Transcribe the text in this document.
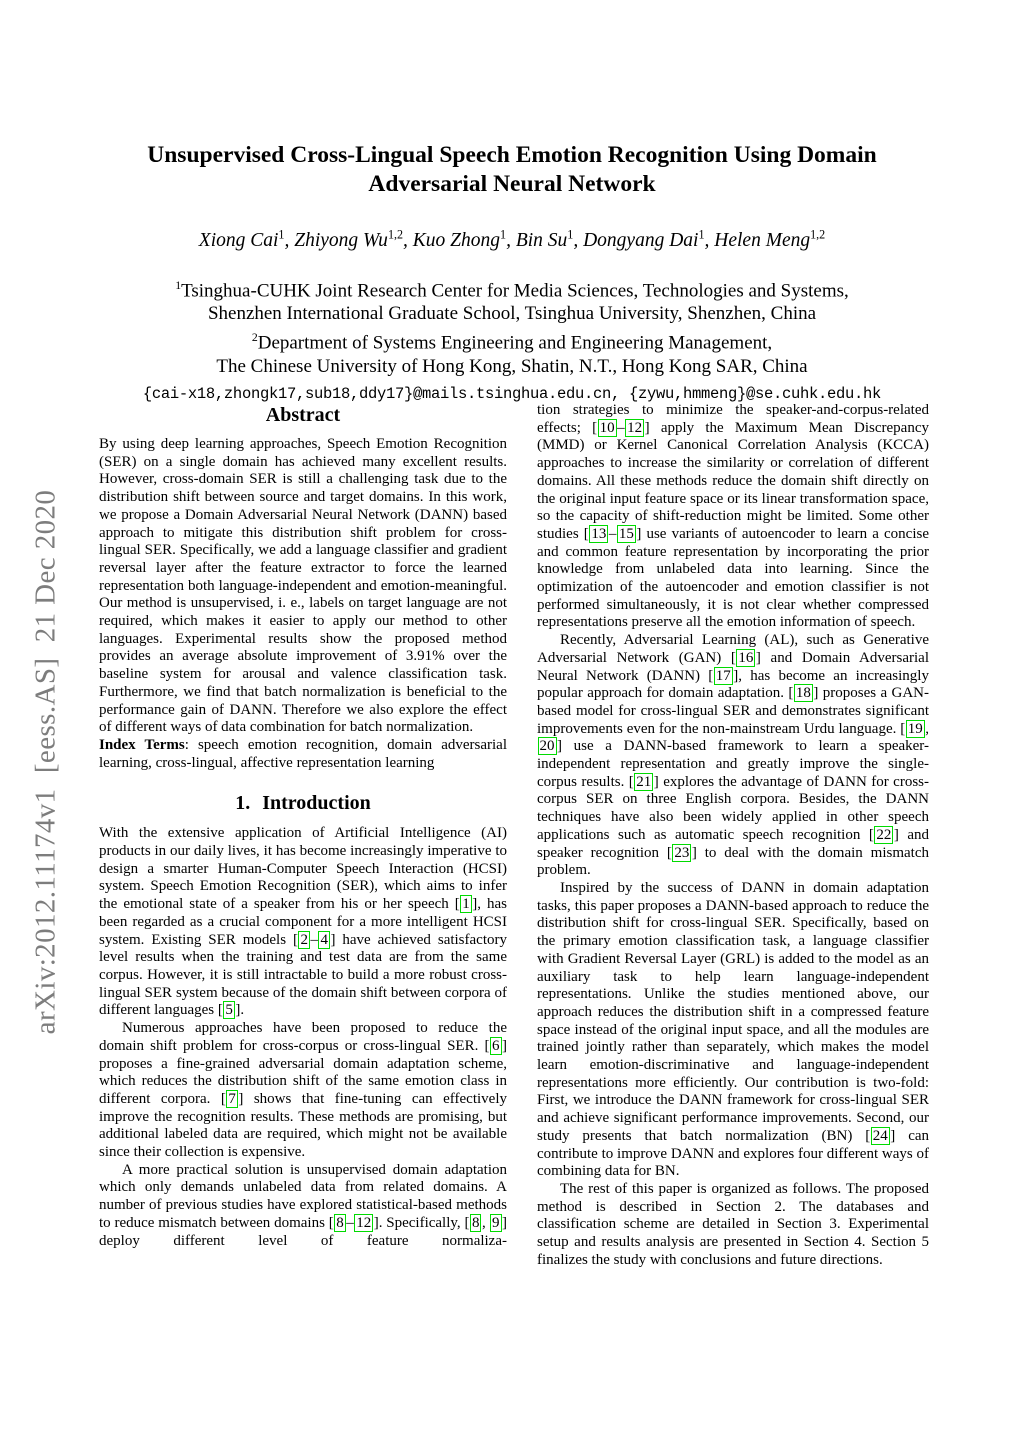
arXiv:2012.11174v1  [eess.AS]  21 Dec 2020
Unsupervised Cross-Lingual Speech Emotion Recognition Using Domain
Adversarial Neural Network
Xiong Cai$^1$, Zhiyong Wu$^{1,2}$, Kuo Zhong$^1$, Bin Su$^1$, Dongyang Dai$^1$, Helen Meng$^{1,2}$
$^1$Tsinghua-CUHK Joint Research Center for Media Sciences, Technologies and Systems,
Shenzhen International Graduate School, Tsinghua University, Shenzhen, China
$^2$Department of Systems Engineering and Engineering Management,
The Chinese University of Hong Kong, Shatin, N.T., Hong Kong SAR, China
{cai-x18,zhongk17,sub18,ddy17}@mails.tsinghua.edu.cn, {zywu,hmmeng}@se.cuhk.edu.hk
Abstract

By using deep learning approaches, Speech Emotion Recognition (SER) on a single domain has achieved many excellent results. However, cross-domain SER is still a challenging task due to the distribution shift between source and target domains. In this work, we propose a Domain Adversarial Neural Network (DANN) based approach to mitigate this distribution shift problem for cross-lingual SER. Specifically, we add a language classifier and gradient reversal layer after the feature extractor to force the learned representation both language-independent and emotion-meaningful. Our method is unsupervised, i. e., labels on target language are not required, which makes it easier to apply our method to other languages. Experimental results show the proposed method provides an average absolute improvement of 3.91% over the baseline system for arousal and valence classification task. Furthermore, we find that batch normalization is beneficial to the performance gain of DANN. Therefore we also explore the effect of different ways of data combination for batch normalization.

Index Terms: speech emotion recognition, domain adversarial learning, cross-lingual, affective representation learning

1. Introduction

With the extensive application of Artificial Intelligence (AI) products in our daily lives, it has become increasingly imperative to design a smarter Human-Computer Speech Interaction (HCSI) system. Speech Emotion Recognition (SER), which aims to infer the emotional state of a speaker from his or her speech [ 1 ], has been regarded as a crucial component for a more intelligent HCSI system. Existing SER models [ 2 – 4 ] have achieved satisfactory level results when the training and test data are from the same corpus. However, it is still intractable to build a more robust cross-lingual SER system because of the domain shift between corpora of different languages [ 5 ].

Numerous approaches have been proposed to reduce the domain shift problem for cross-corpus or cross-lingual SER. [ 6 ] proposes a fine-grained adversarial domain adaptation scheme, which reduces the distribution shift of the same emotion class in different corpora. [ 7 ] shows that fine-tuning can effectively improve the recognition results. These methods are promising, but additional labeled data are required, which might not be available since their collection is expensive.

A more practical solution is unsupervised domain adaptation which only demands unlabeled data from related domains. A number of previous studies have explored statistical-based methods to reduce mismatch between domains [ 8 – 12 ]. Specifically, [ 8 , 9 ] deploy different level of feature normaliza-

tion strategies to minimize the speaker-and-corpus-related effects; [ 10 – 12 ] apply the Maximum Mean Discrepancy (MMD) or Kernel Canonical Correlation Analysis (KCCA) approaches to increase the similarity or correlation of different domains. All these methods reduce the domain shift directly on the original input feature space or its linear transformation space, so the capacity of shift-reduction might be limited. Some other studies [ 13 – 15 ] use variants of autoencoder to learn a concise and common feature representation by incorporating the prior knowledge from unlabeled data into learning. Since the optimization of the autoencoder and emotion classifier is not performed simultaneously, it is not clear whether compressed representations preserve all the emotion information of speech.

Recently, Adversarial Learning (AL), such as Generative Adversarial Network (GAN) [ 16 ] and Domain Adversarial Neural Network (DANN) [ 17 ], has become an increasingly popular approach for domain adaptation. [ 18 ] proposes a GAN-based model for cross-lingual SER and demonstrates significant improvements even for the non-mainstream Urdu language. [ 19 , 20 ] use a DANN-based framework to learn a speaker-independent representation and greatly improve the single-corpus results. [ 21 ] explores the advantage of DANN for cross-corpus SER on three English corpora. Besides, the DANN techniques have also been widely applied in other speech applications such as automatic speech recognition [ 22 ] and speaker recognition [ 23 ] to deal with the domain mismatch problem.

Inspired by the success of DANN in domain adaptation tasks, this paper proposes a DANN-based approach to reduce the distribution shift for cross-lingual SER. Specifically, based on the primary emotion classification task, a language classifier with Gradient Reversal Layer (GRL) is added to the model as an auxiliary task to help learn language-independent representations. Unlike the studies mentioned above, our approach reduces the distribution shift in a compressed feature space instead of the original input space, and all the modules are trained jointly rather than separately, which makes the model learn emotion-discriminative and language-independent representations more efficiently. Our contribution is two-fold: First, we introduce the DANN framework for cross-lingual SER and achieve significant performance improvements. Second, our study presents that batch normalization (BN) [ 24 ] can contribute to improve DANN and explores four different ways of combining data for BN.

The rest of this paper is organized as follows. The proposed method is described in Section 2. The databases and classification scheme are detailed in Section 3. Experimental setup and results analysis are presented in Section 4. Section 5 finalizes the study with conclusions and future directions.
